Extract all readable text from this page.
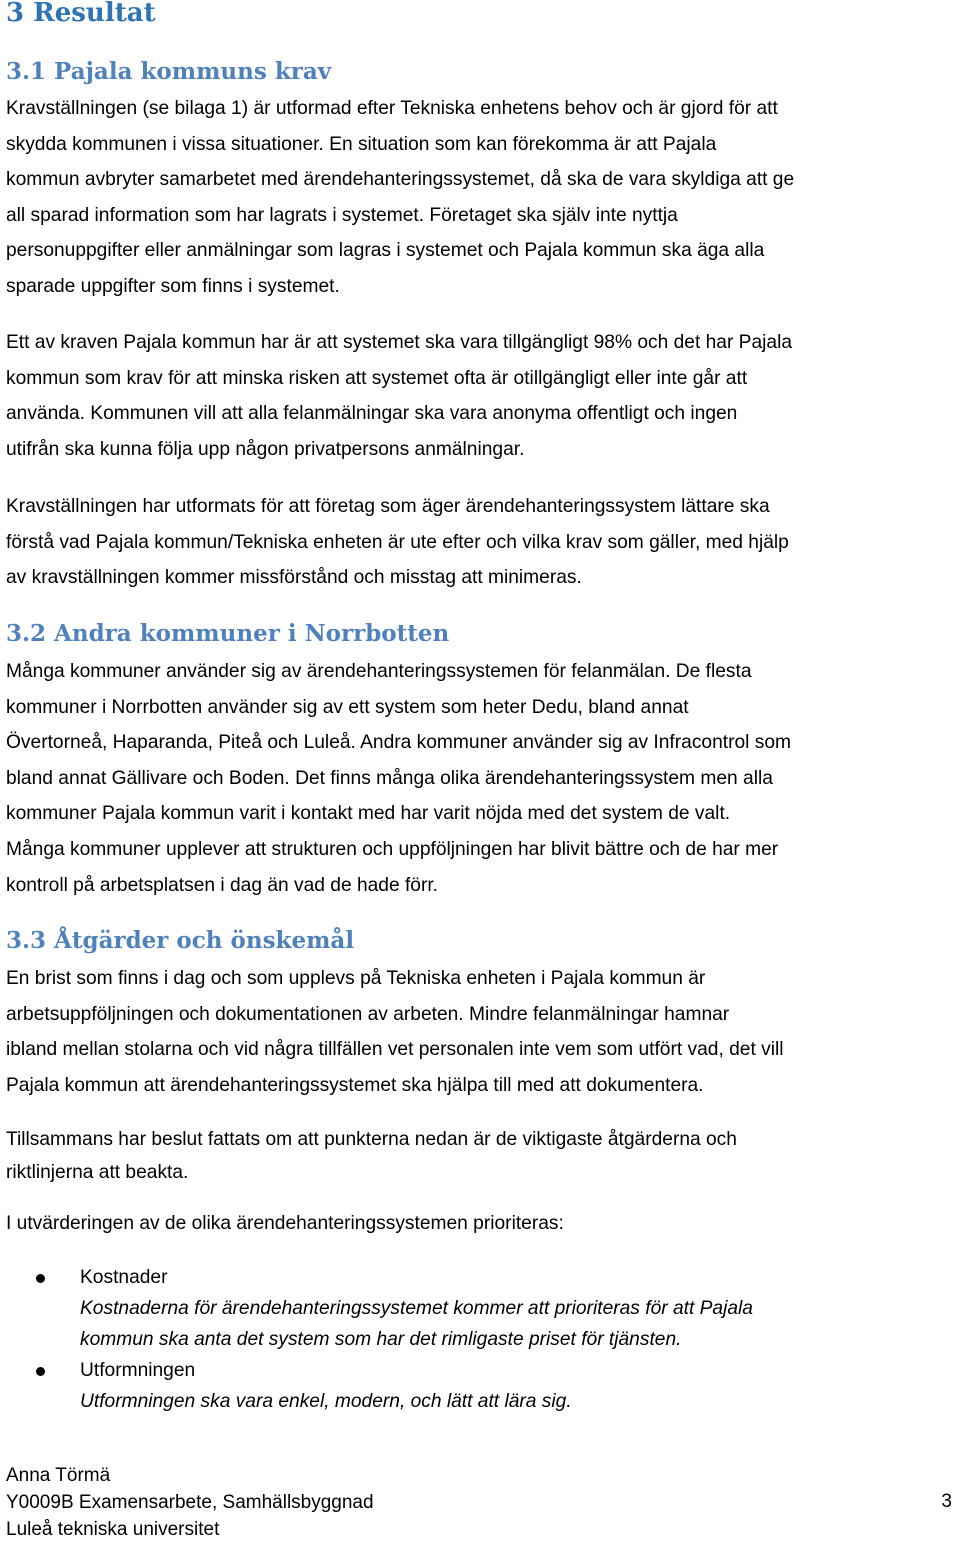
3 Resultat
3.1 Pajala kommuns krav
Kravställningen (se bilaga 1) är utformad efter Tekniska enhetens behov och är gjord för att
skydda kommunen i vissa situationer. En situation som kan förekomma är att Pajala
kommun avbryter samarbetet med ärendehanteringssystemet, då ska de vara skyldiga att ge
all sparad information som har lagrats i systemet. Företaget ska själv inte nyttja
personuppgifter eller anmälningar som lagras i systemet och Pajala kommun ska äga alla
sparade uppgifter som finns i systemet.
Ett av kraven Pajala kommun har är att systemet ska vara tillgängligt 98% och det har Pajala
kommun som krav för att minska risken att systemet ofta är otillgängligt eller inte går att
använda. Kommunen vill att alla felanmälningar ska vara anonyma offentligt och ingen
utifrån ska kunna följa upp någon privatpersons anmälningar.
Kravställningen har utformats för att företag som äger ärendehanteringssystem lättare ska
förstå vad Pajala kommun/Tekniska enheten är ute efter och vilka krav som gäller, med hjälp
av kravställningen kommer missförstånd och misstag att minimeras.
3.2 Andra kommuner i Norrbotten
Många kommuner använder sig av ärendehanteringssystemen för felanmälan. De flesta
kommuner i Norrbotten använder sig av ett system som heter Dedu, bland annat
Övertorneå, Haparanda, Piteå och Luleå. Andra kommuner använder sig av Infracontrol som
bland annat Gällivare och Boden. Det finns många olika ärendehanteringssystem men alla
kommuner Pajala kommun varit i kontakt med har varit nöjda med det system de valt.
Många kommuner upplever att strukturen och uppföljningen har blivit bättre och de har mer
kontroll på arbetsplatsen i dag än vad de hade förr.
3.3 Åtgärder och önskemål
En brist som finns i dag och som upplevs på Tekniska enheten i Pajala kommun är
arbetsuppföljningen och dokumentationen av arbeten. Mindre felanmälningar hamnar
ibland mellan stolarna och vid några tillfällen vet personalen inte vem som utfört vad, det vill
Pajala kommun att ärendehanteringssystemet ska hjälpa till med att dokumentera.
Tillsammans har beslut fattats om att punkterna nedan är de viktigaste åtgärderna och
riktlinjerna att beakta.
I utvärderingen av de olika ärendehanteringssystemen prioriteras:
Kostnader
Kostnaderna för ärendehanteringssystemet kommer att prioriteras för att Pajala
kommun ska anta det system som har det rimligaste priset för tjänsten.
Utformningen
Utformningen ska vara enkel, modern, och lätt att lära sig.
Anna Törmä
Y0009B Examensarbete, Samhällsbyggnad
Luleå tekniska universitet
3
